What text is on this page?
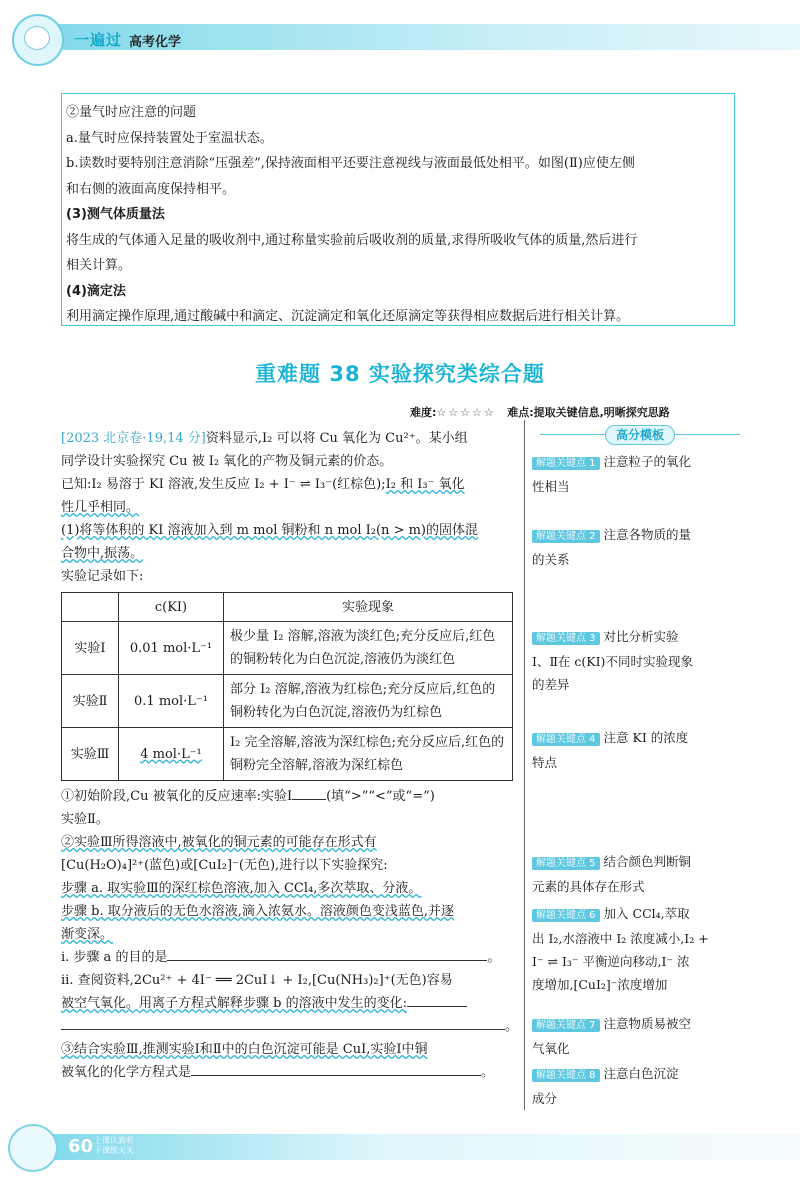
一遍过 高考化学

②量气时应注意的问题

a.量气时应保持装置处于室温状态。

b.读数时要特别注意消除“压强差”,保持液面相平还要注意视线与液面最低处相平。如图(Ⅱ)应使左侧

和右侧的液面高度保持相平。

(3)测气体质量法

将生成的气体通入足量的吸收剂中,通过称量实验前后吸收剂的质量,求得所吸收气体的质量,然后进行

相关计算。

(4)滴定法

利用滴定操作原理,通过酸碱中和滴定、沉淀滴定和氧化还原滴定等获得相应数据后进行相关计算。

重难题 38 实验探究类综合题
难度:☆☆☆☆☆ 难点:提取关键信息,明晰探究思路

[2023 北京卷·19,14 分]资料显示,I₂ 可以将 Cu 氧化为 Cu²⁺。某小组

同学设计实验探究 Cu 被 I₂ 氧化的产物及铜元素的价态。

已知:I₂ 易溶于 KI 溶液,发生反应 I₂ + I⁻ ⇌ I₃⁻(红棕色);I₂ 和 I₃⁻ 氧化

性几乎相同。

(1)将等体积的 KI 溶液加入到 m mol 铜粉和 n mol I₂(n > m)的固体混

合物中,振荡。

实验记录如下:

	c(KI)	实验现象
实验Ⅰ	0.01 mol·L⁻¹	极少量 I₂ 溶解,溶液为淡红色;充分反应后,红色的铜粉转化为白色沉淀,溶液仍为淡红色
实验Ⅱ	0.1 mol·L⁻¹	部分 I₂ 溶解,溶液为红棕色;充分反应后,红色的铜粉转化为白色沉淀,溶液仍为红棕色
实验Ⅲ	4 mol·L⁻¹	I₂ 完全溶解,溶液为深红棕色;充分反应后,红色的铜粉完全溶解,溶液为深红棕色

①初始阶段,Cu 被氧化的反应速率:实验Ⅰ	(填“>”“<”或“=”)

实验Ⅱ。

②实验Ⅲ所得溶液中,被氧化的铜元素的可能存在形式有

[Cu(H₂O)₄]²⁺(蓝色)或[CuI₂]⁻(无色),进行以下实验探究:

步骤 a. 取实验Ⅲ的深红棕色溶液,加入 CCl₄,多次萃取、分液。

步骤 b. 取分液后的无色水溶液,滴入浓氨水。溶液颜色变浅蓝色,并逐

渐变深。

ⅰ. 步骤 a 的目的是	。

ⅱ. 查阅资料,2Cu²⁺ + 4I⁻ ══ 2CuI↓ + I₂,[Cu(NH₃)₂]⁺(无色)容易

被空气氧化。用离子方程式解释步骤 b 的溶液中发生的变化:

。

③结合实验Ⅲ,推测实验Ⅰ和Ⅱ中的白色沉淀可能是 CuI,实验Ⅰ中铜

被氧化的化学方程式是	。

高分模板
解题关键点 1 注意粒子的氧化
性相当
解题关键点 2 注意各物质的量
的关系
解题关键点 3 对比分析实验
Ⅰ、Ⅱ在 c(KI)不同时实验现象
的差异
解题关键点 4 注意 KI 的浓度
特点
解题关键点 5 结合颜色判断铜
元素的具体存在形式
解题关键点 6 加入 CCl₄,萃取
出 I₂,水溶液中 I₂ 浓度减小,I₂ +
I⁻ ⇌ I₃⁻ 平衡逆向移动,I⁻ 浓
度增加,[CuI₂]⁻浓度增加
解题关键点 7 注意物质易被空
气氧化
解题关键点 8 注意白色沉淀
成分
60 上课认真听
下课练天天
